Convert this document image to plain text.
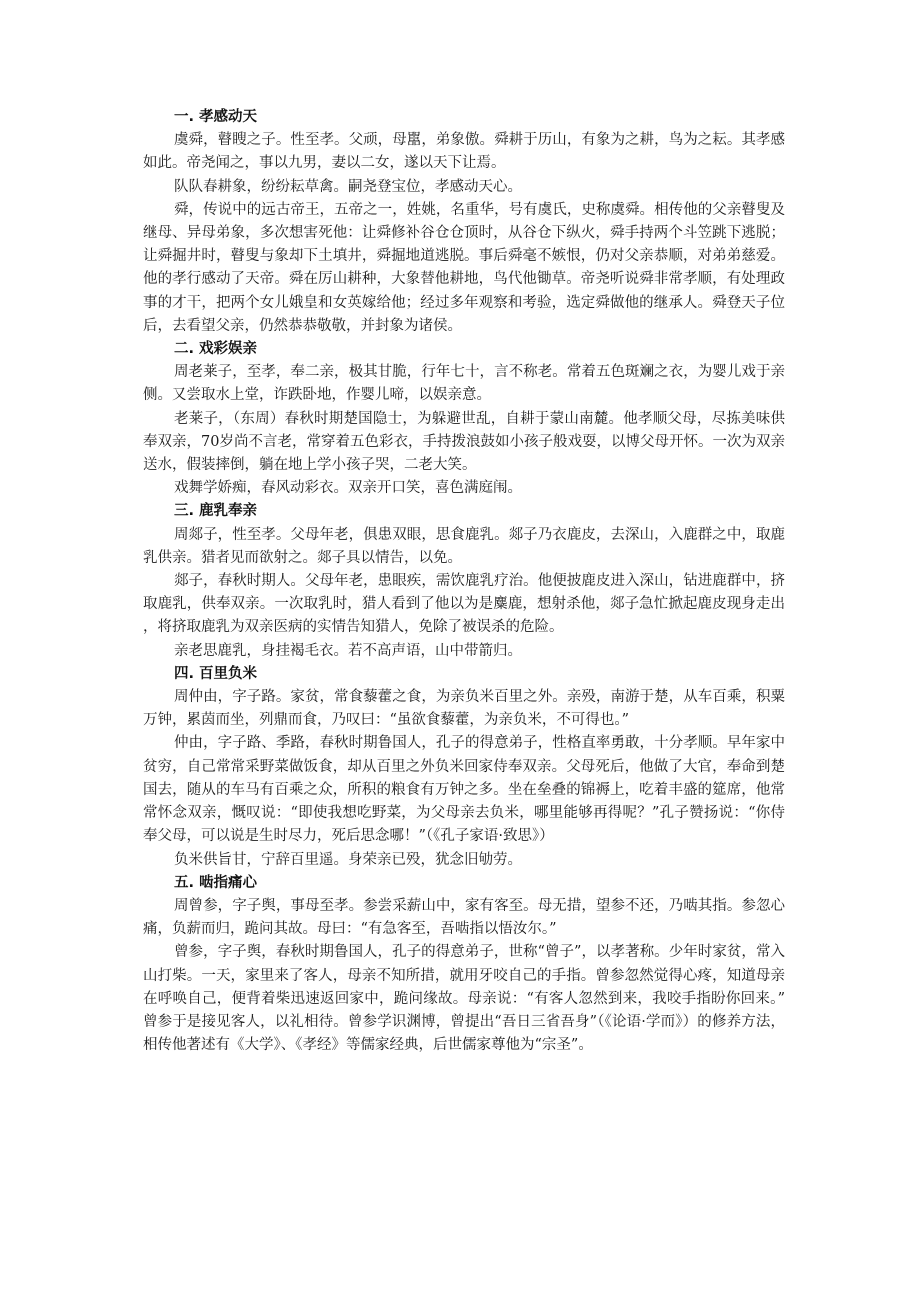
一. 孝感动天

虞舜，瞽瞍之子。性至孝。父顽，母嚚，弟象傲。舜耕于历山，有象为之耕，鸟为之耘。其孝感如此。帝尧闻之，事以九男，妻以二女，遂以天下让焉。

队队春耕象，纷纷耘草禽。嗣尧登宝位，孝感动天心。

舜，传说中的远古帝王，五帝之一，姓姚，名重华，号有虞氏，史称虞舜。相传他的父亲瞽叟及继母、异母弟象，多次想害死他：让舜修补谷仓仓顶时，从谷仓下纵火，舜手持两个斗笠跳下逃脱；让舜掘井时，瞽叟与象却下土填井，舜掘地道逃脱。事后舜毫不嫉恨，仍对父亲恭顺，对弟弟慈爱。他的孝行感动了天帝。舜在厉山耕种，大象替他耕地，鸟代他锄草。帝尧听说舜非常孝顺，有处理政事的才干，把两个女儿娥皇和女英嫁给他；经过多年观察和考验，选定舜做他的继承人。舜登天子位后，去看望父亲，仍然恭恭敬敬，并封象为诸侯。

二. 戏彩娱亲

周老莱子，至孝，奉二亲，极其甘脆，行年七十，言不称老。常着五色斑斓之衣，为婴儿戏于亲侧。又尝取水上堂，诈跌卧地，作婴儿啼，以娱亲意。

老莱子，（东周）春秋时期楚国隐士，为躲避世乱，自耕于蒙山南麓。他孝顺父母，尽拣美味供奉双亲，70岁尚不言老，常穿着五色彩衣，手持拨浪鼓如小孩子般戏耍，以博父母开怀。一次为双亲送水，假装摔倒，躺在地上学小孩子哭，二老大笑。

戏舞学娇痴，春风动彩衣。双亲开口笑，喜色满庭闱。

三. 鹿乳奉亲

周郯子，性至孝。父母年老，俱患双眼，思食鹿乳。郯子乃衣鹿皮，去深山，入鹿群之中，取鹿乳供亲。猎者见而欲射之。郯子具以情告，以免。

郯子，春秋时期人。父母年老，患眼疾，需饮鹿乳疗治。他便披鹿皮进入深山，钻进鹿群中，挤取鹿乳，供奉双亲。一次取乳时，猎人看到了他以为是麋鹿，想射杀他，郯子急忙掀起鹿皮现身走出，将挤取鹿乳为双亲医病的实情告知猎人，免除了被误杀的危险。

亲老思鹿乳，身挂褐毛衣。若不高声语，山中带箭归。

四. 百里负米

周仲由，字子路。家贫，常食藜藿之食，为亲负米百里之外。亲殁，南游于楚，从车百乘，积粟万钟，累茵而坐，列鼎而食，乃叹曰：“虽欲食藜藿，为亲负米，不可得也。”

仲由，字子路、季路，春秋时期鲁国人，孔子的得意弟子，性格直率勇敢，十分孝顺。早年家中贫穷，自己常常采野菜做饭食，却从百里之外负米回家侍奉双亲。父母死后，他做了大官，奉命到楚国去，随从的车马有百乘之众，所积的粮食有万钟之多。坐在垒叠的锦褥上，吃着丰盛的筵席，他常常怀念双亲，慨叹说：“即使我想吃野菜，为父母亲去负米，哪里能够再得呢？”孔子赞扬说：“你侍奉父母，可以说是生时尽力，死后思念哪！”（《孔子家语·致思》）

负米供旨甘，宁辞百里遥。身荣亲已殁，犹念旧劬劳。

五. 啮指痛心

周曾参，字子舆，事母至孝。参尝采薪山中，家有客至。母无措，望参不还，乃啮其指。参忽心痛，负薪而归，跪问其故。母曰：“有急客至，吾啮指以悟汝尔。”

曾参，字子舆，春秋时期鲁国人，孔子的得意弟子，世称“曾子”，以孝著称。少年时家贫，常入山打柴。一天，家里来了客人，母亲不知所措，就用牙咬自己的手指。曾参忽然觉得心疼，知道母亲在呼唤自己，便背着柴迅速返回家中，跪问缘故。母亲说：“有客人忽然到来，我咬手指盼你回来。”曾参于是接见客人，以礼相待。曾参学识渊博，曾提出“吾日三省吾身”（《论语·学而》）的修养方法，相传他著述有《大学》、《孝经》等儒家经典，后世儒家尊他为“宗圣”。
